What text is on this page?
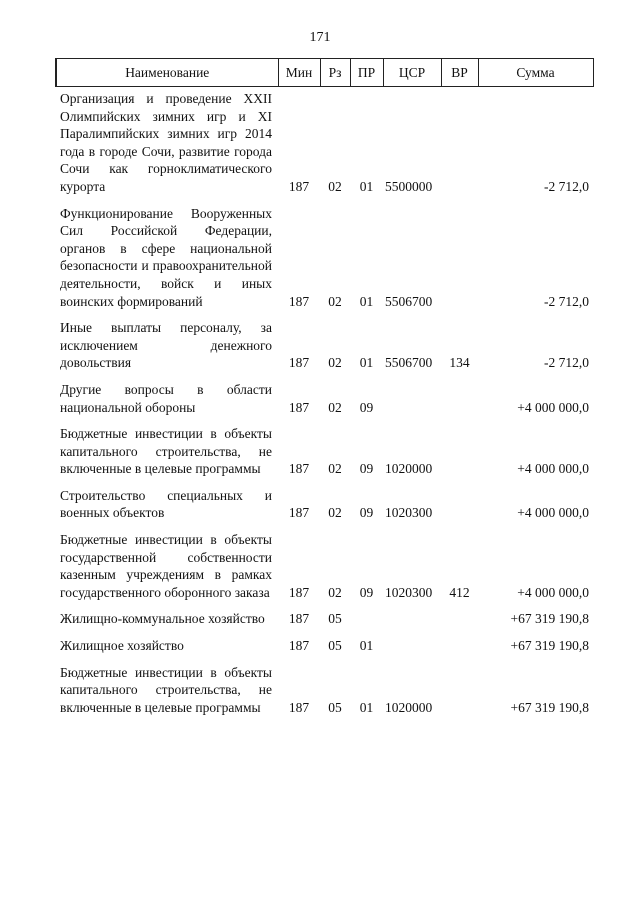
171
Наименование	Мин	Рз	ПР	ЦСР	ВР	Сумма
Организация и проведение XXII Олимпийских зимних игр и XI Паралимпийских зимних игр 2014 года в городе Сочи, развитие города Сочи как горноклиматического курорта	187	02	01	5500000		-2 712,0
Функционирование Вооруженных Сил Российской Федерации, органов в сфере национальной безопасности и правоохранительной деятельности, войск и иных воинских формирований	187	02	01	5506700		-2 712,0
Иные выплаты персоналу, за исключением денежного довольствия	187	02	01	5506700	134	-2 712,0
Другие вопросы в области национальной обороны	187	02	09			+4 000 000,0
Бюджетные инвестиции в объекты капитального строительства, не включенные в целевые программы	187	02	09	1020000		+4 000 000,0
Строительство специальных и военных объектов	187	02	09	1020300		+4 000 000,0
Бюджетные инвестиции в объекты государственной собственности казенным учреждениям в рамках государственного оборонного заказа	187	02	09	1020300	412	+4 000 000,0
Жилищно-коммунальное хозяйство	187	05				+67 319 190,8
Жилищное хозяйство	187	05	01			+67 319 190,8
Бюджетные инвестиции в объекты капитального строительства, не включенные в целевые программы	187	05	01	1020000		+67 319 190,8
